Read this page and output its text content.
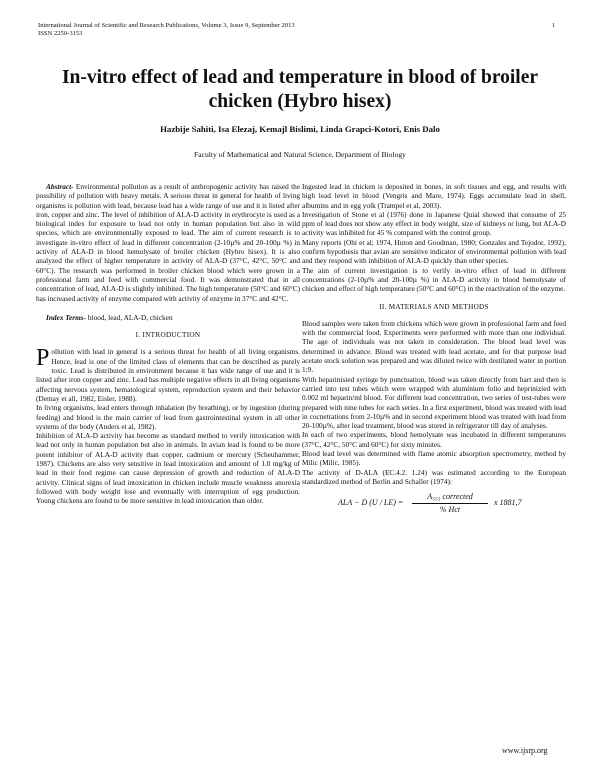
International Journal of Scientific and Research Publications, Volume 3, Issue 9, September 2013
ISSN 2250-3153
1
In-vitro effect of lead and temperature in blood of broiler
chicken (Hybro hisex)
Hazbije Sahiti, Isa Elezaj, Kemajl Bislimi, Linda Grapci-Kotori, Enis Dalo
Faculty of Mathematical and Natural Science, Department of Biology

Abstract- Environmental pollution as a result of anthropogenic activity has raised the possibility of pollution with heavy metals. A serious threat in general for health of living organisms is pollution with lead, because lead has a wide range of use and it is listed after iron, copper and zinc. The level of inhibition of ALA-D activity in erythrocyte is used as a biological index for exposure to lead not only in human population but also in wild species, which are environmentally exposed to lead. The aim of current research is to investigate in-vitro effect of lead in different concentration (2-10µ% and 20-100µ %) in activity of ALA-D in blood hemolysate of broiler chicken (Hybro hisex). It is also analyzed the effect of higher temperature in activity of ALA-D (37°C, 42°C, 50°C and 60°C). The research was performed in broiler chicken blood which were grown in a professional farm and feed with commercial food. It was demonstrated that in all concentration of lead, ALA-D is slightly inhibited. The high temperature (50°C and 60°C) has increased activity of enzyme compared with activity of enzyme in 37°C and 42°C.

Index Terms- blood, lead, ALA-D, chicken

I. INTRODUCTION

Pollution with lead in general is a serious threat for health of all living organisms. Hence, lead is one of the limited class of elements that can be described as purely toxic. Lead is distributed in environment because it has wide range of use and it is listed after iron copper and zinc. Lead has multiple negative effects in all living organisms affecting nervous system, hematological system, reproduction system and their behavior (Demay et all, 1982, Eisler, 1988).

In living organisms, lead enters through inhalation (by breathing), or by ingestion (during feeding) and blood is the main carrier of lead from gastrointestinal system in all other systems of the body (Anders et al, 1982).

Inhibition of ALA-D activity has become as standard method to verify intoxication with lead not only in human population but also in animals. In avian lead is found to be more potent inhibitor of ALA-D activity than copper, cadmium or mercury (Scheuhammer, 1987). Chickens are also very sensitive in lead intoxication and amount of 1.0 mg/kg of lead in their food regime can cause depression of growth and reduction of ALA-D activity. Clinical signs of lead intoxication in chicken include muscle weakness anorexia followed with body weight lose and eventually with interruption of egg production. Young chickens are found to be more sensitive in lead intoxication than older.

Ingested lead in chicken is deposited in bones, in soft tissues and egg, and results with high lead level in blood (Vengris and Mare, 1974). Eggs accumulate lead in shell, albumins and in egg yolk (Trampel et al, 2003).

Investigation of Stone et al (1976) done in Japanese Quial showed that consume of 25 ppm of lead does not show any effect in body weight, size of kidneys or lung, but ALA-D activity was inhibited for 45 % compared with the control group.

Many reports (Ohi et al; 1974, Huton and Goodman, 1980; Gonzales and Tejodor, 1992), confirm hypothesis that avian are sensitive indicator of environmental pollution with lead and they respond with inhibition of ALA-D quickly than other species.

The aim of current investigation is to verify in-vitro effect of lead in different concentrations (2-10µ% and 20-100µ %) in ALA-D activity in blood hemolysate of chicken and effect of high temperature (50°C and 60°C) in the reactivation of the enzyme.

II. MATERIALS AND METHODS

Blood samples were taken from chickens which were grown in professional farm and feed with the commercial food. Experiments were performed with more than one individual. The age of individuals was not taken in consideration. The blood lead level was determined in advance. Blood was treated with lead acetate, and for that purpose lead acetate stock solution was prepared and was diluted twice with destilated water in portion 1:9.

With heparinisied syringe by punctuation, blood was taken directly from hart and then is carried into test tubes which were wrapped with aluminium folio and heprinizied with 0.002 ml heparin/ml blood. For different lead concentration, two series of test-tubes were prepared with nine tubes for each series. In a first experiment, blood was treated with lead in cocnetrations from 2-10µ% and in second experiment blood was treated with lead from 20-100µ%, after lead treatment, blood was stored in refrigerator till day of analyses.

In each of two experiments, blood hemolysate was incubated in different temperatures (37°C, 42°C, 50°C and 60°C) for sixty minutes.

Blood lead level was determined with flame atomic absorption spectrometry, method by Milic (Milic, 1985).

The activity of D-ALA (EC.4.2. 1.24) was estimated according to the European standardized method of Berlin and Schaller (1974):

ALA − D (U / LE) =
A₅₅₅ corrected
% Hct
x 1881,7
www.ijsrp.org
